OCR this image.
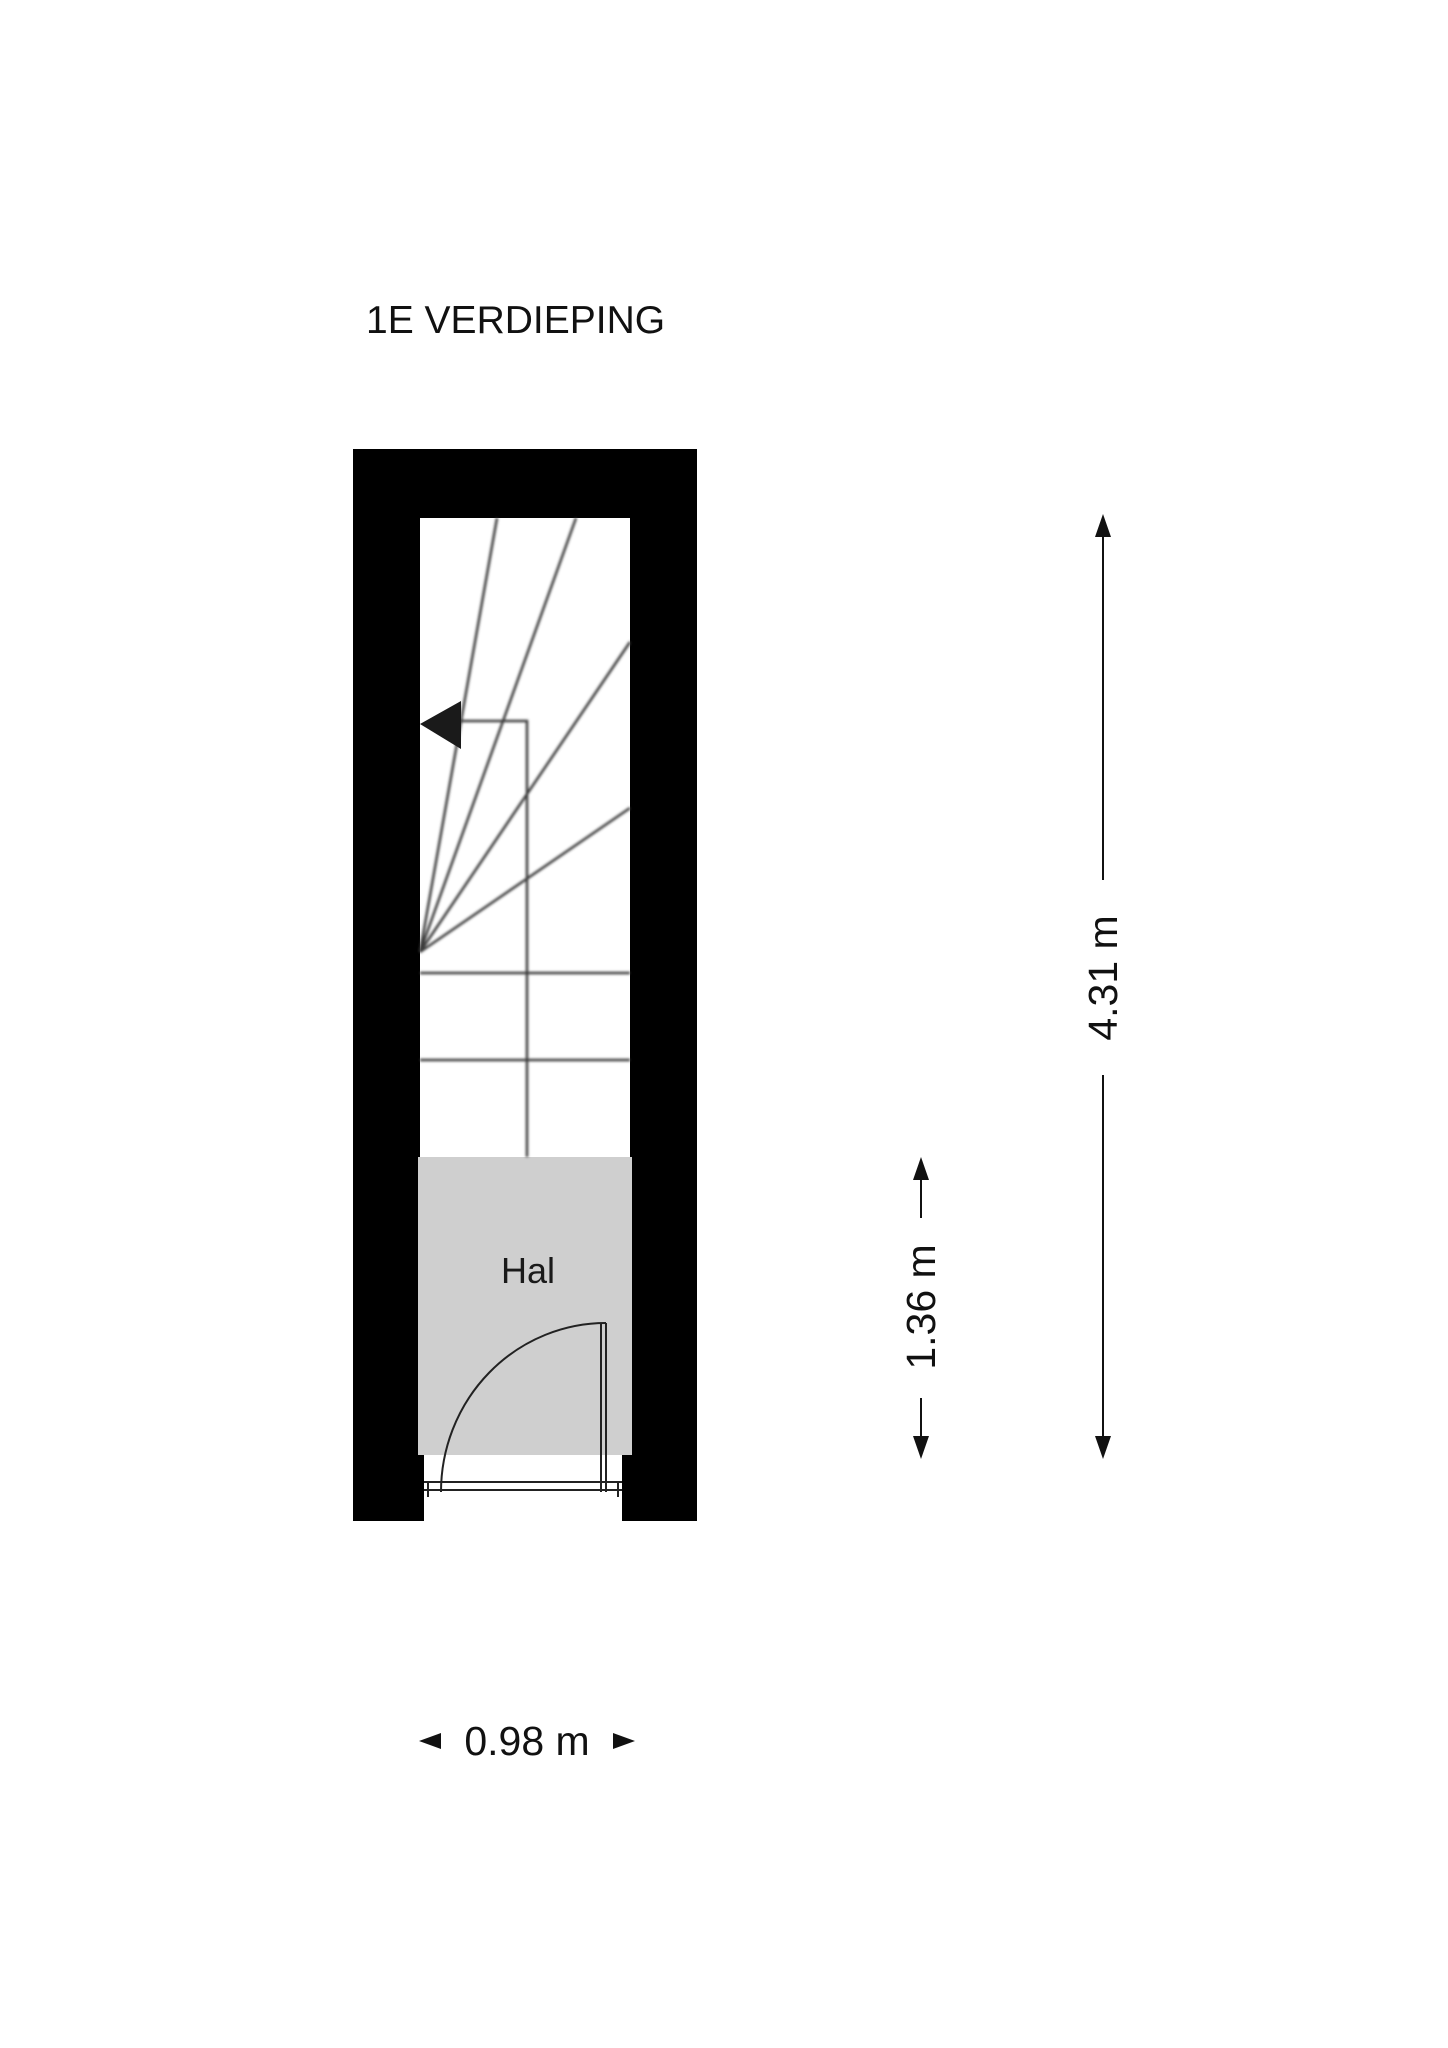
1E VERDIEPING
Hal
0.98 m
4.31 m
1.36 m
